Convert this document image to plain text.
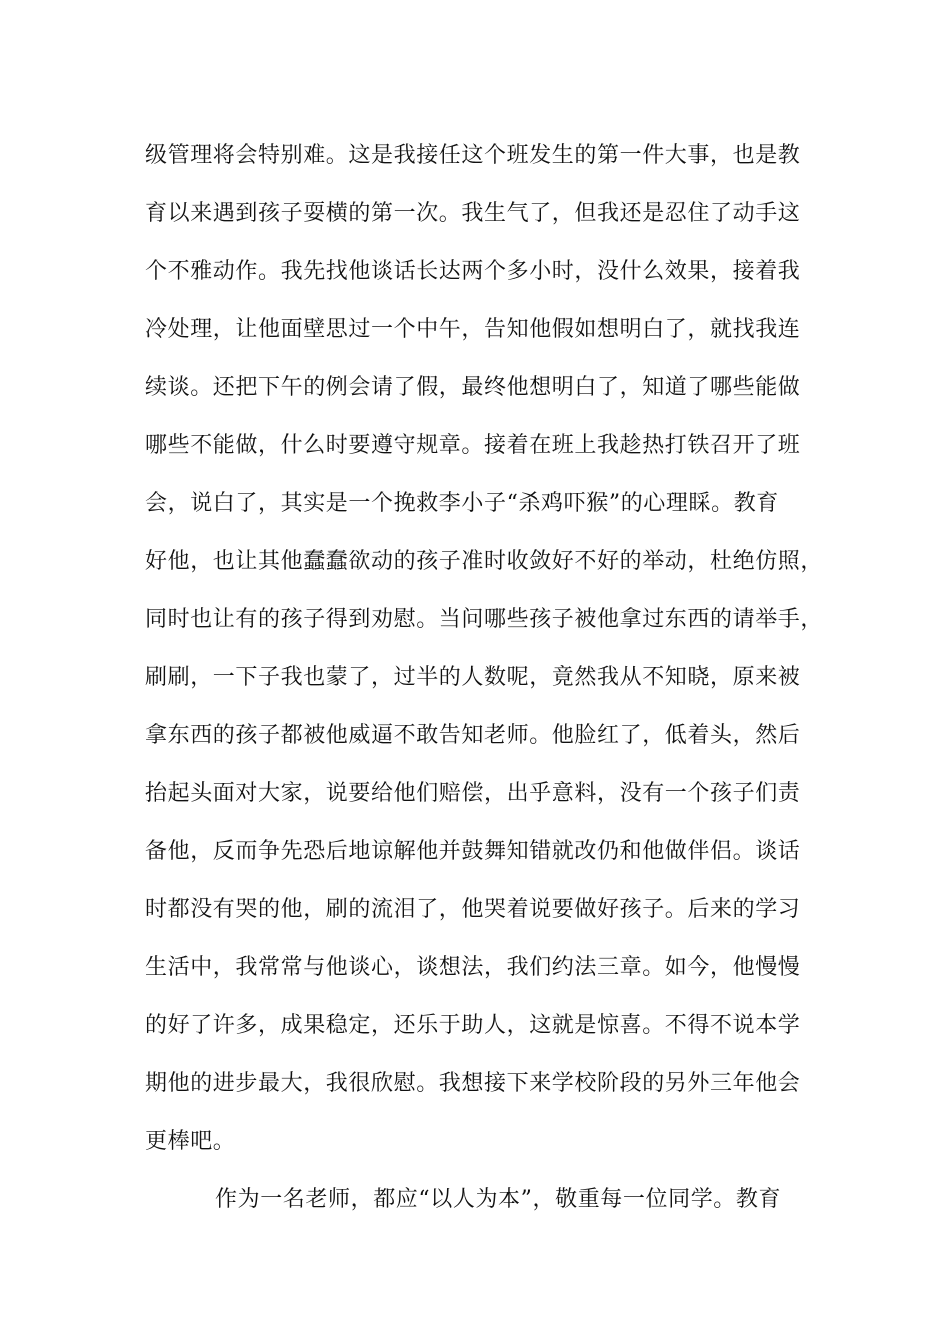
级管理将会特别难。这是我接任这个班发生的第一件大事，也是教
育以来遇到孩子耍横的第一次。我生气了，但我还是忍住了动手这
个不雅动作。我先找他谈话长达两个多小时，没什么效果，接着我
冷处理，让他面壁思过一个中午，告知他假如想明白了，就找我连
续谈。还把下午的例会请了假，最终他想明白了，知道了哪些能做
哪些不能做，什么时要遵守规章。接着在班上我趁热打铁召开了班
会，说白了，其实是一个挽救李小子“杀鸡吓猴”的心理睬。教育
好他，也让其他蠢蠢欲动的孩子准时收敛好不好的举动，杜绝仿照，
同时也让有的孩子得到劝慰。当问哪些孩子被他拿过东西的请举手，
刷刷，一下子我也蒙了，过半的人数呢，竟然我从不知晓，原来被
拿东西的孩子都被他威逼不敢告知老师。他脸红了，低着头，然后
抬起头面对大家，说要给他们赔偿，出乎意料，没有一个孩子们责
备他，反而争先恐后地谅解他并鼓舞知错就改仍和他做伴侣。谈话
时都没有哭的他，刷的流泪了，他哭着说要做好孩子。后来的学习
生活中，我常常与他谈心，谈想法，我们约法三章。如今，他慢慢
的好了许多，成果稳定，还乐于助人，这就是惊喜。不得不说本学
期他的进步最大，我很欣慰。我想接下来学校阶段的另外三年他会
更棒吧。
作为一名老师，都应“以人为本”，敬重每一位同学。教育
